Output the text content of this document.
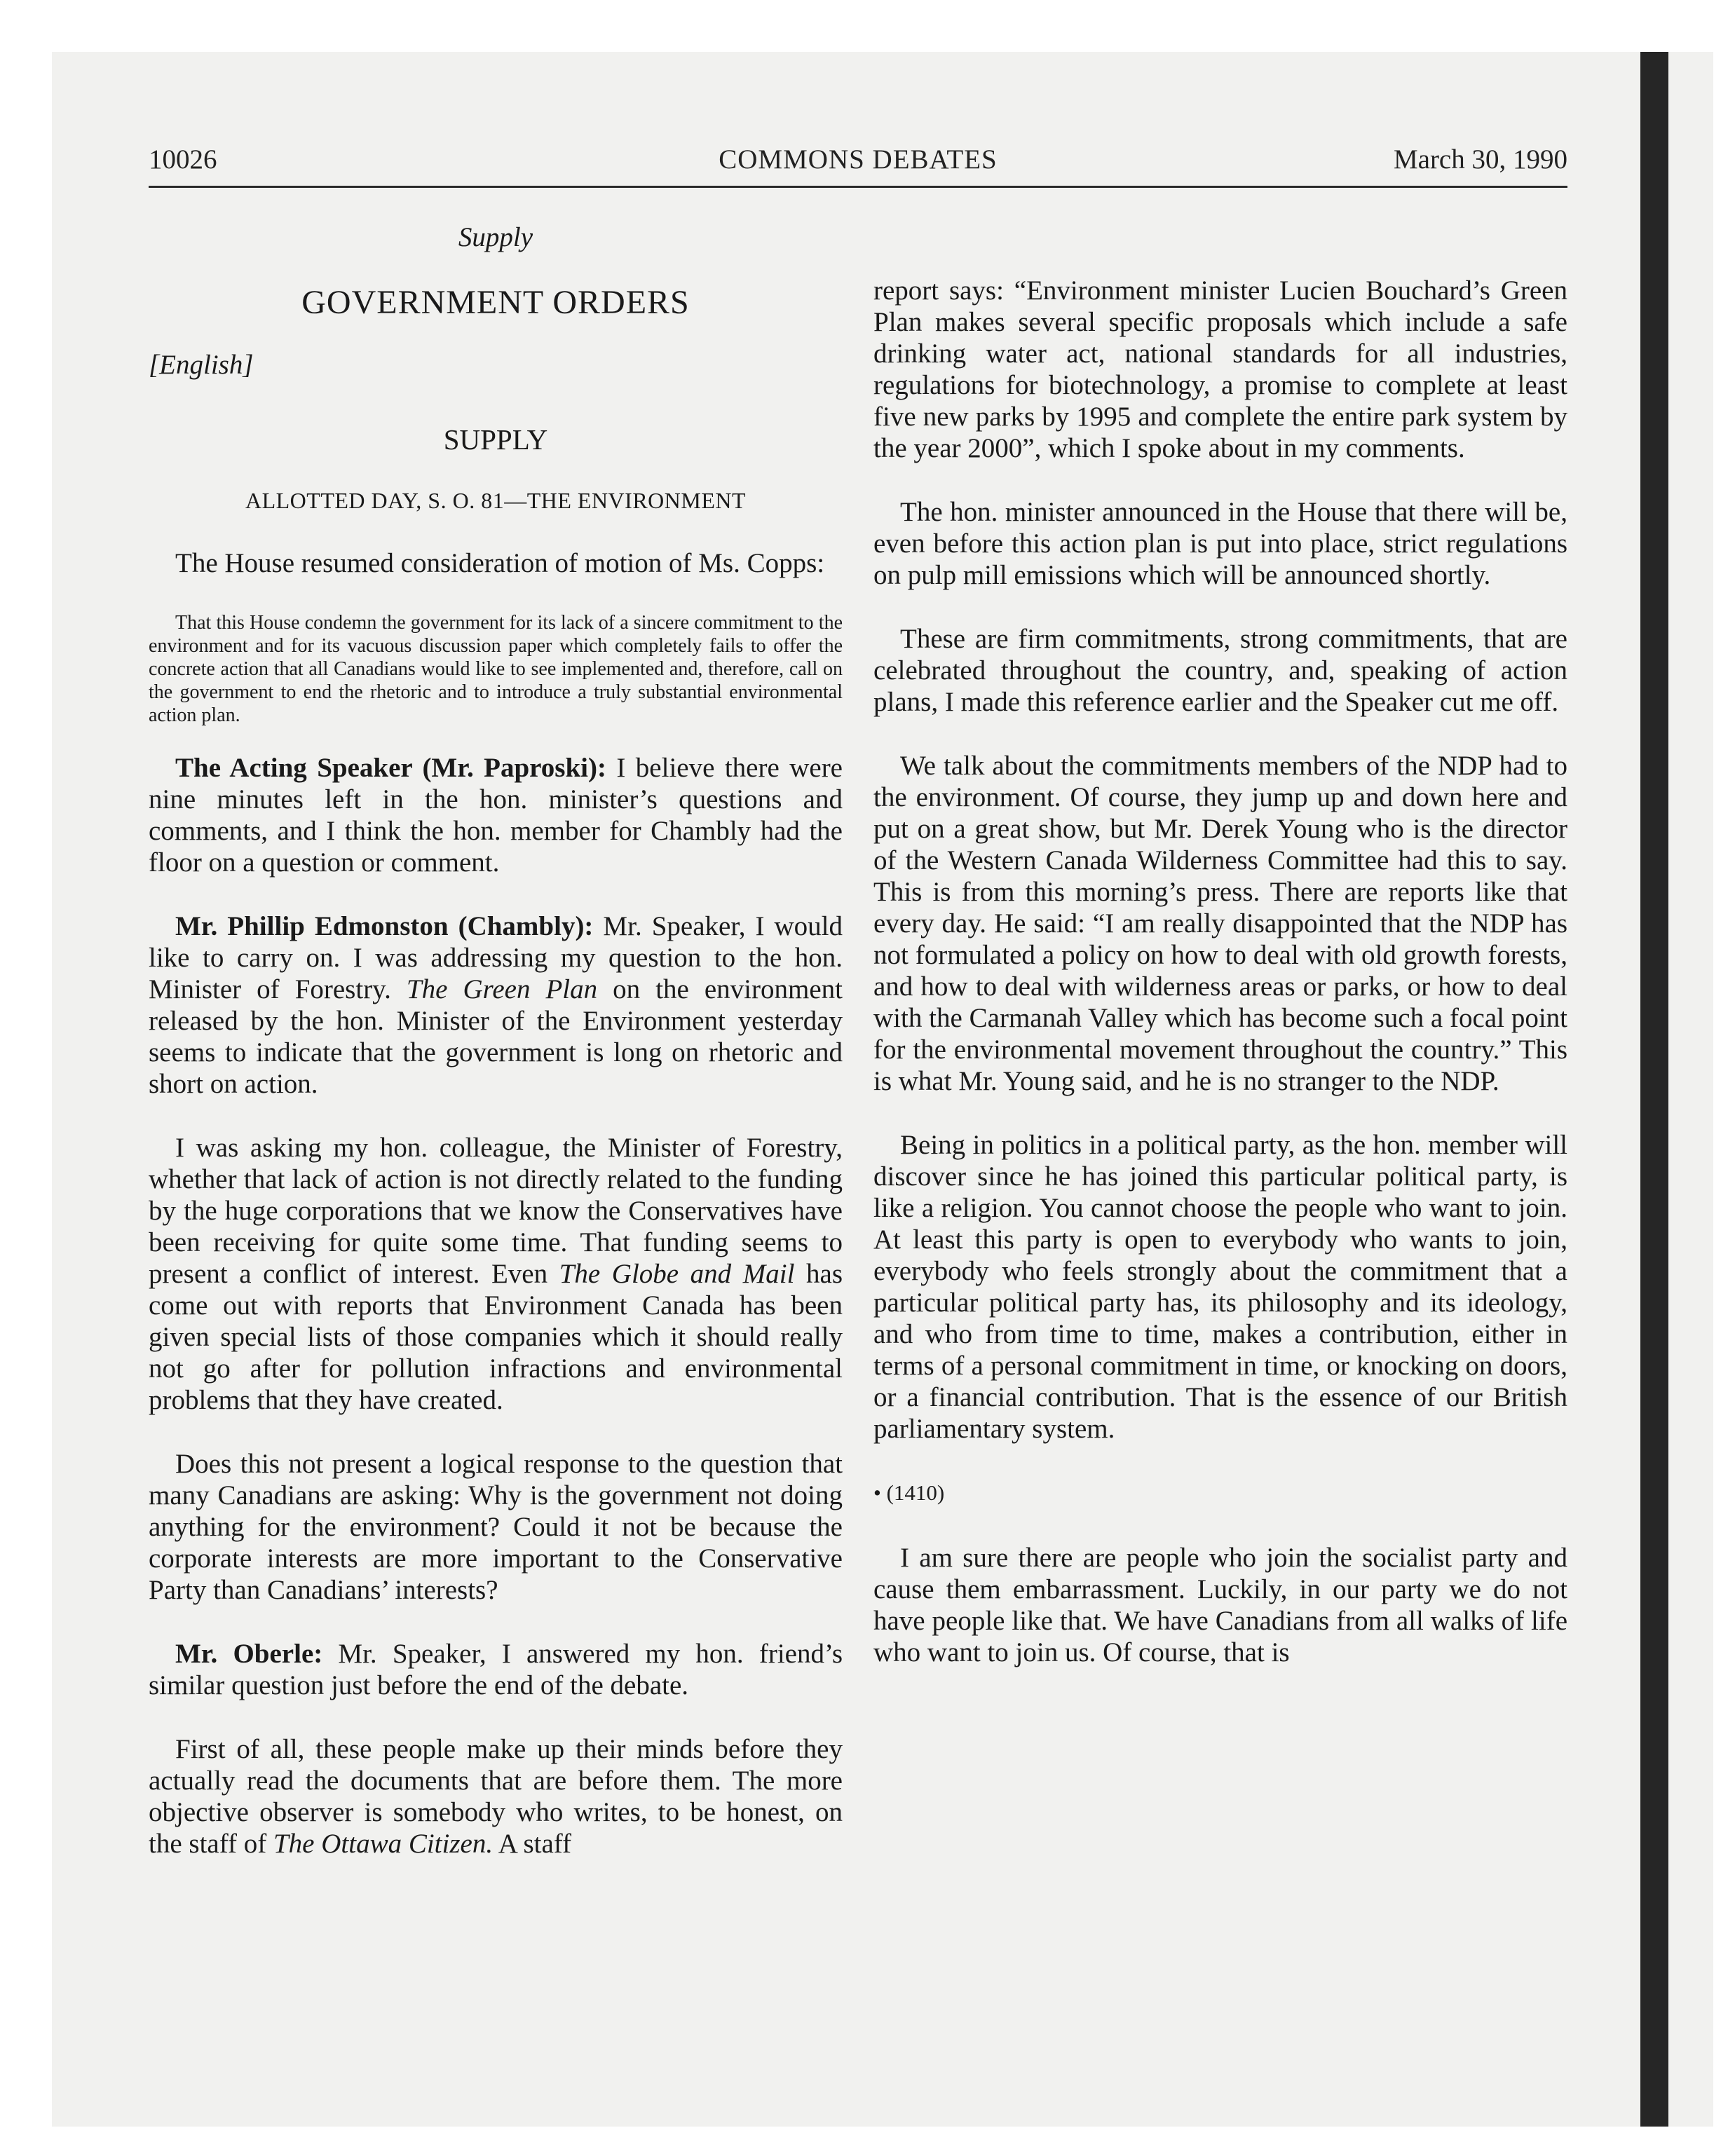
10026	COMMONS DEBATES	March 30, 1990
Supply
GOVERNMENT ORDERS
[English]
SUPPLY
ALLOTTED DAY, S. O. 81—THE ENVIRONMENT

The House resumed consideration of motion of Ms. Copps:

That this House condemn the government for its lack of a sincere commitment to the environment and for its vacuous discussion paper which completely fails to offer the concrete action that all Canadians would like to see implemented and, therefore, call on the government to end the rhetoric and to introduce a truly substantial environmental action plan.

The Acting Speaker (Mr. Paproski): I believe there were nine minutes left in the hon. minister’s questions and comments, and I think the hon. member for Chambly had the floor on a question or comment.

Mr. Phillip Edmonston (Chambly): Mr. Speaker, I would like to carry on. I was addressing my question to the hon. Minister of Forestry. The Green Plan on the environment released by the hon. Minister of the Environment yesterday seems to indicate that the government is long on rhetoric and short on action.

I was asking my hon. colleague, the Minister of Forestry, whether that lack of action is not directly related to the funding by the huge corporations that we know the Conservatives have been receiving for quite some time. That funding seems to present a conflict of interest. Even The Globe and Mail has come out with reports that Environment Canada has been given special lists of those companies which it should really not go after for pollution infractions and environmental problems that they have created.

Does this not present a logical response to the question that many Canadians are asking: Why is the government not doing anything for the environment? Could it not be because the corporate interests are more important to the Conservative Party than Canadians’ interests?

Mr. Oberle: Mr. Speaker, I answered my hon. friend’s similar question just before the end of the debate.

First of all, these people make up their minds before they actually read the documents that are before them. The more objective observer is somebody who writes, to be honest, on the staff of The Ottawa Citizen. A staff

report says: “Environment minister Lucien Bouchard’s Green Plan makes several specific proposals which include a safe drinking water act, national standards for all industries, regulations for biotechnology, a promise to complete at least five new parks by 1995 and complete the entire park system by the year 2000”, which I spoke about in my comments.

The hon. minister announced in the House that there will be, even before this action plan is put into place, strict regulations on pulp mill emissions which will be announced shortly.

These are firm commitments, strong commitments, that are celebrated throughout the country, and, speaking of action plans, I made this reference earlier and the Speaker cut me off.

We talk about the commitments members of the NDP had to the environment. Of course, they jump up and down here and put on a great show, but Mr. Derek Young who is the director of the Western Canada Wilderness Committee had this to say. This is from this morning’s press. There are reports like that every day. He said: “I am really disappointed that the NDP has not formulated a policy on how to deal with old growth forests, and how to deal with wilderness areas or parks, or how to deal with the Carmanah Valley which has become such a focal point for the environmental movement throughout the country.” This is what Mr. Young said, and he is no stranger to the NDP.

Being in politics in a political party, as the hon. member will discover since he has joined this particular political party, is like a religion. You cannot choose the people who want to join. At least this party is open to everybody who wants to join, everybody who feels strongly about the commitment that a particular political party has, its philosophy and its ideology, and who from time to time, makes a contribution, either in terms of a personal commitment in time, or knocking on doors, or a financial contribution. That is the essence of our British parliamentary system.

• (1410)

I am sure there are people who join the socialist party and cause them embarrassment. Luckily, in our party we do not have people like that. We have Canadians from all walks of life who want to join us. Of course, that is
